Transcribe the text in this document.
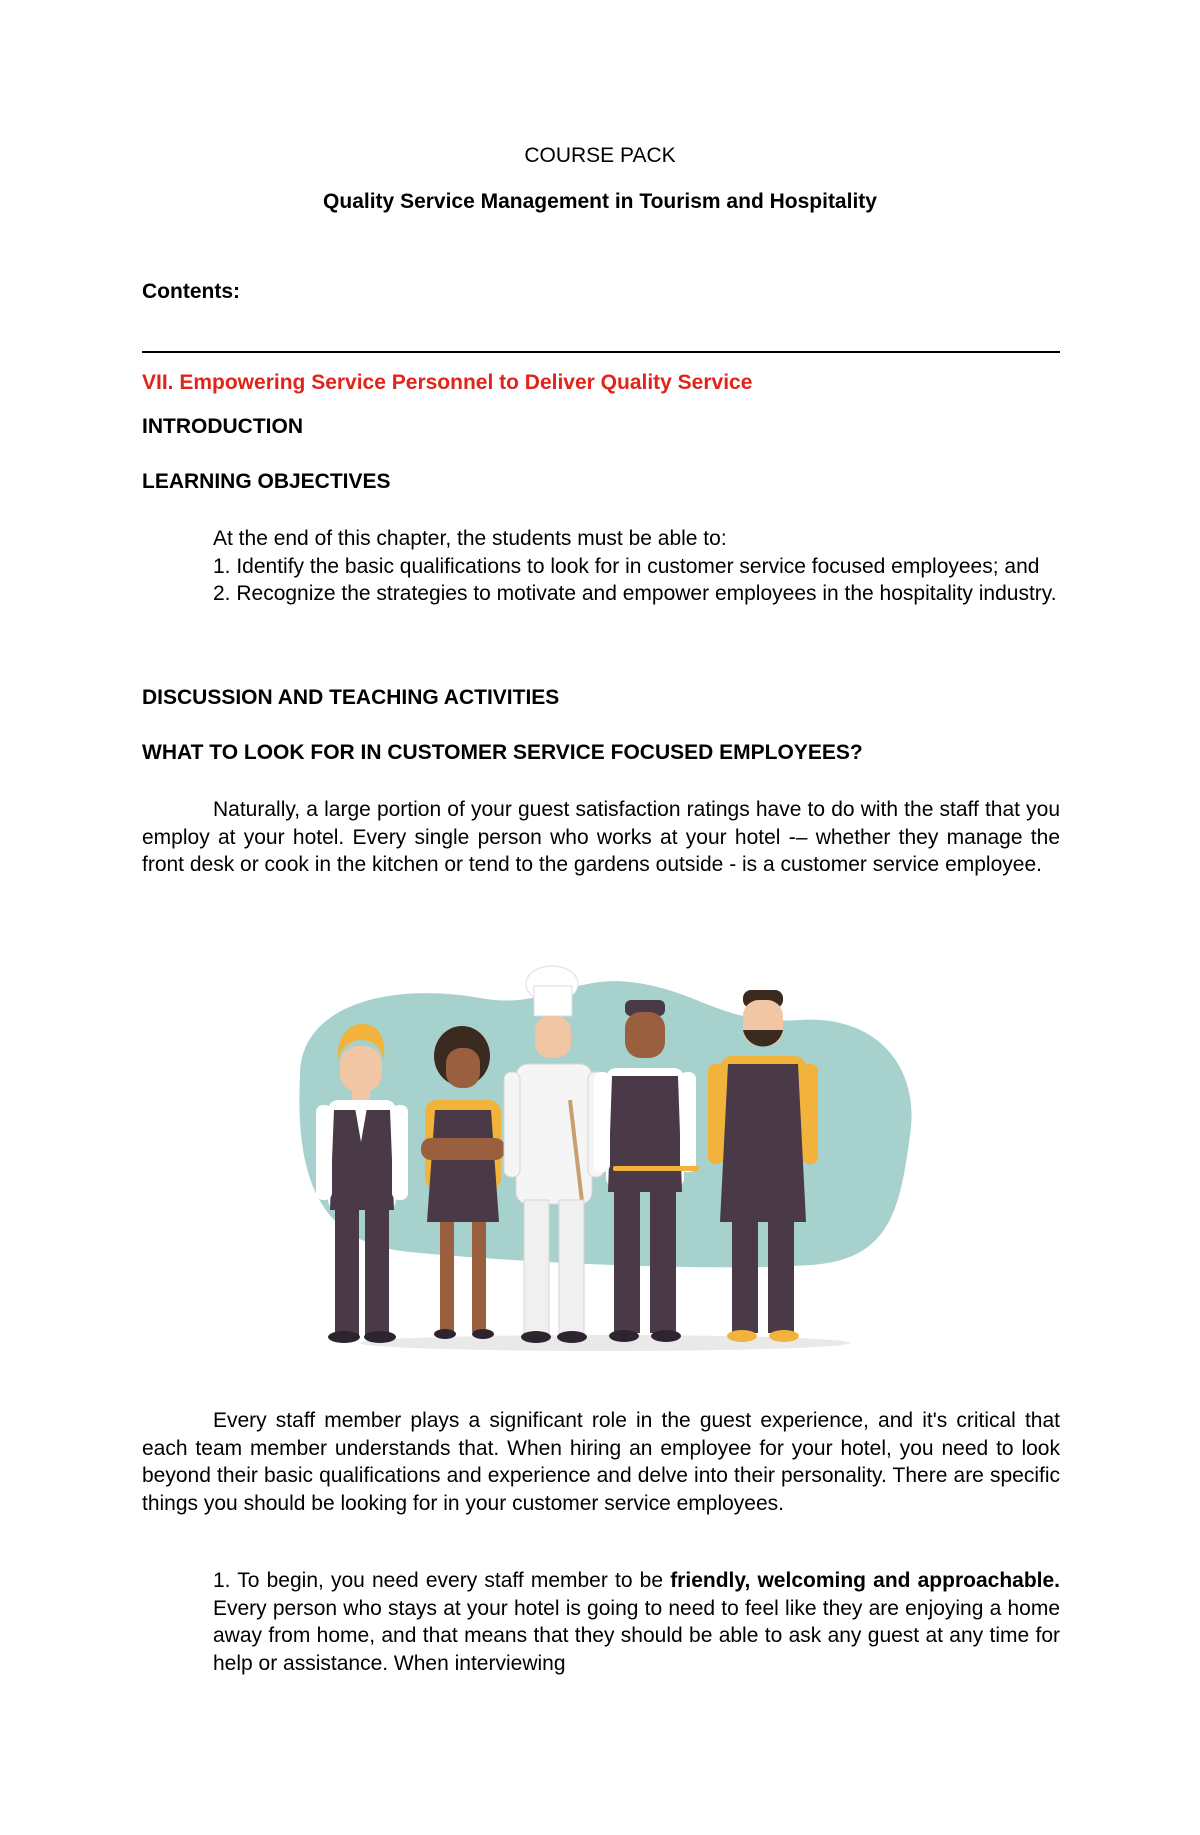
COURSE PACK
Quality Service Management in Tourism and Hospitality
Contents:
VII. Empowering Service Personnel to Deliver Quality Service
INTRODUCTION
LEARNING OBJECTIVES
At the end of this chapter, the students must be able to:
1. Identify the basic qualifications to look for in customer service focused employees; and
2. Recognize the strategies to motivate and empower employees in the hospitality industry.
DISCUSSION AND TEACHING ACTIVITIES
WHAT TO LOOK FOR IN CUSTOMER SERVICE FOCUSED EMPLOYEES?
Naturally, a large portion of your guest satisfaction ratings have to do with the staff that you employ at your hotel. Every single person who works at your hotel -– whether they manage the front desk or cook in the kitchen or tend to the gardens outside - is a customer service employee.
Every staff member plays a significant role in the guest experience, and it's critical that each team member understands that. When hiring an employee for your hotel, you need to look beyond their basic qualifications and experience and delve into their personality. There are specific things you should be looking for in your customer service employees.
1. To begin, you need every staff member to be friendly, welcoming and approachable. Every person who stays at your hotel is going to need to feel like they are enjoying a home away from home, and that means that they should be able to ask any guest at any time for help or assistance. When interviewing
